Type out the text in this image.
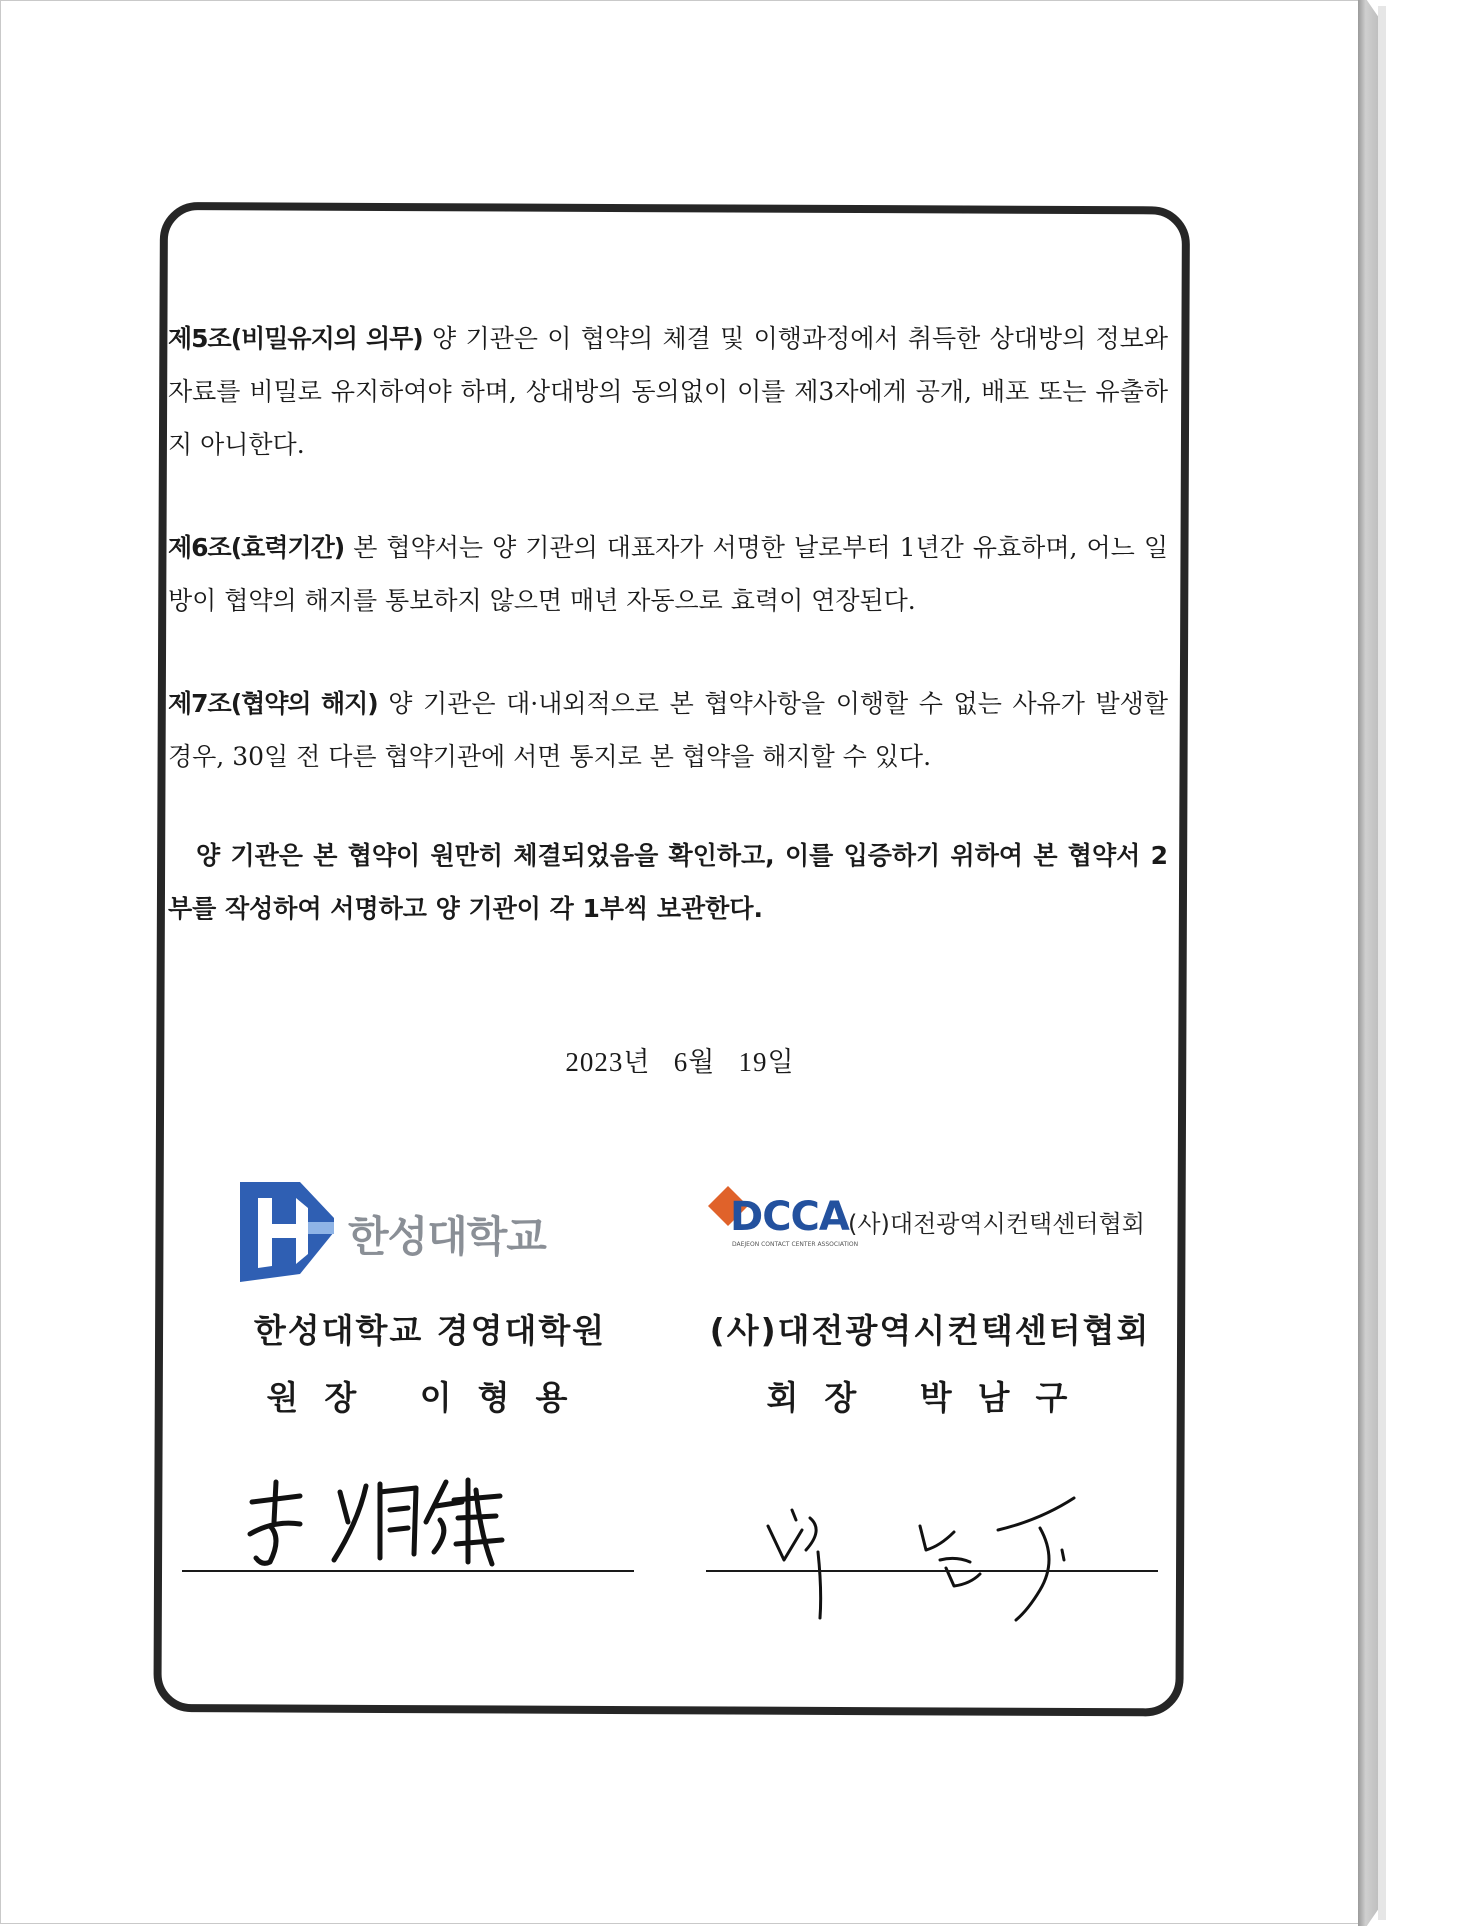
제5조(비밀유지의 의무) 양 기관은 이 협약의 체결 및 이행과정에서 취득한 상대방의 정보와 자료를 비밀로 유지하여야 하며, 상대방의 동의없이 이를 제3자에게 공개, 배포 또는 유출하지 아니한다.

제6조(효력기간) 본 협약서는 양 기관의 대표자가 서명한 날로부터 1년간 유효하며, 어느 일방이 협약의 해지를 통보하지 않으면 매년 자동으로 효력이 연장된다.

제7조(협약의 해지) 양 기관은 대·내외적으로 본 협약사항을 이행할 수 없는 사유가 발생할 경우, 30일 전 다른 협약기관에 서면 통지로 본 협약을 해지할 수 있다.

양 기관은 본 협약이 원만히 체결되었음을 확인하고, 이를 입증하기 위하여 본 협약서 2부를 작성하여 서명하고 양 기관이 각 1부씩 보관한다.

2023년   6월   19일
한성대학교	DCCA
DAEJEON CONTACT CENTER ASSOCIATION
(사)대전광역시컨택센터협회
한성대학교 경영대학원
원장 이형용
(사)대전광역시컨택센터협회
회장 박남구
